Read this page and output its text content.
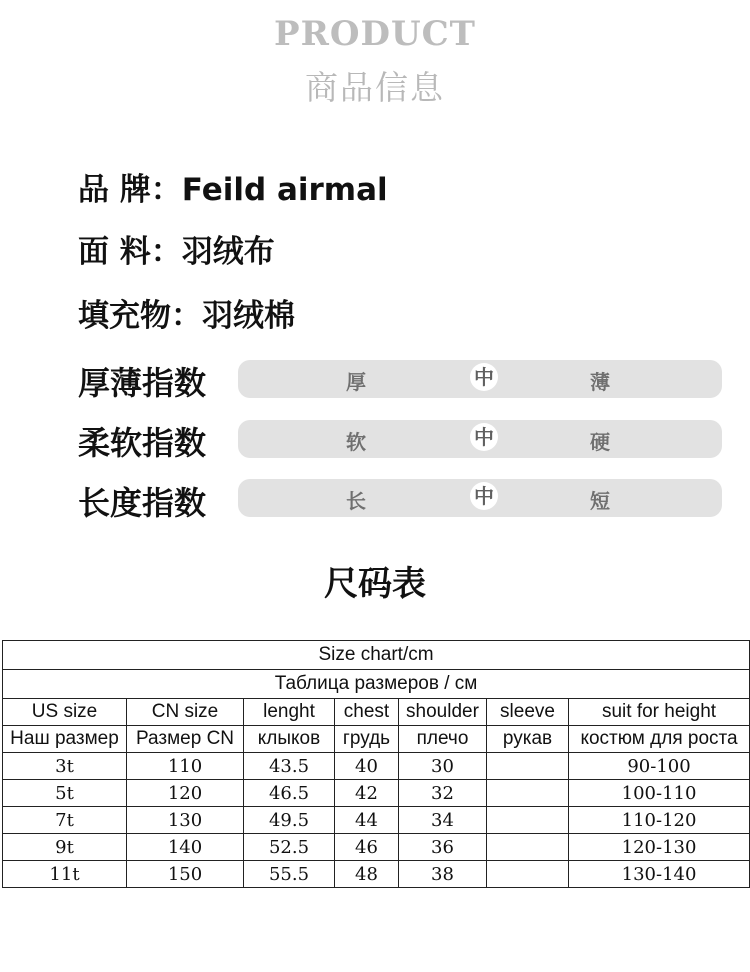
PRODUCT
商品信息
品 牌：Feild airmal
面 料：羽绒布
填充物：羽绒棉
厚薄指数	厚	中	薄
柔软指数	软	中	硬
长度指数	长	中	短
尺码表
Size chart/cm						
Таблица размеров / см						
US size	CN size	lenght	chest	shoulder	sleeve	suit for height
Наш размер	Размер CN	клыков	грудь	плечо	рукав	костюм для роста
3t	110	43.5	40	30		90-100
5t	120	46.5	42	32		100-110
7t	130	49.5	44	34		110-120
9t	140	52.5	46	36		120-130
11t	150	55.5	48	38		130-140
